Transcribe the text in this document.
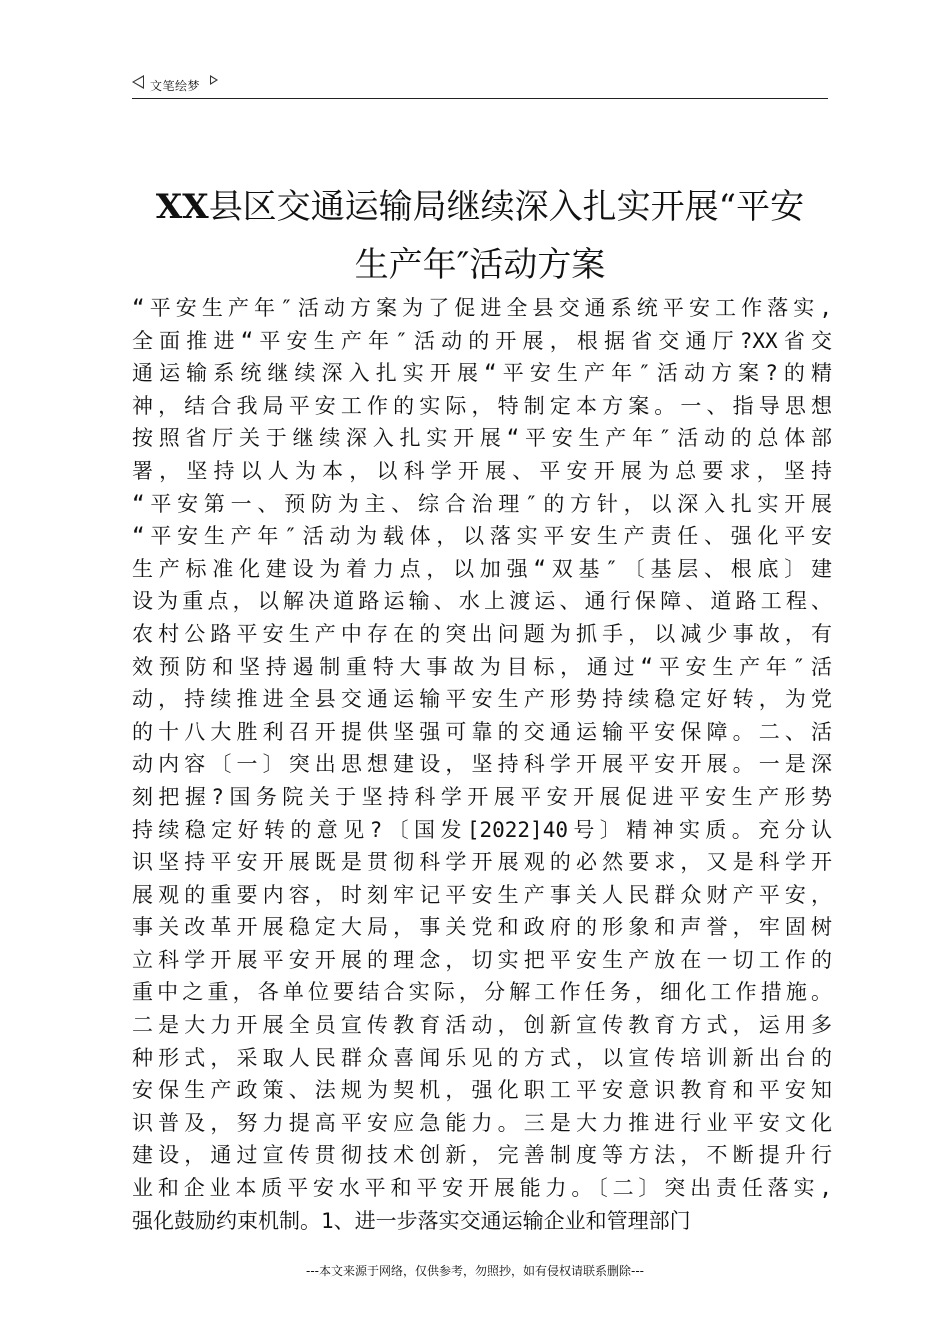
文笔绘梦
XX县区交通运输局继续深入扎实开展“平安
生产年″活动方案
“平安生产年″活动方案为了促进全县交通系统平安工作落实,
全面推进“平安生产年″活动的开展，根据省交通厅?XX省交
通运输系统继续深入扎实开展“平安生产年″活动方案?的精
神，结合我局平安工作的实际，特制定本方案。一、指导思想
按照省厅关于继续深入扎实开展“平安生产年″活动的总体部
署，坚持以人为本，以科学开展、平安开展为总要求，坚持
“平安第一、预防为主、综合治理″的方针，以深入扎实开展
“平安生产年″活动为载体，以落实平安生产责任、强化平安
生产标准化建设为着力点，以加强“双基″〔基层、根底〕建
设为重点，以解决道路运输、水上渡运、通行保障、道路工程、
农村公路平安生产中存在的突出问题为抓手，以减少事故，有
效预防和坚持遏制重特大事故为目标，通过“平安生产年″活
动，持续推进全县交通运输平安生产形势持续稳定好转，为党
的十八大胜利召开提供坚强可靠的交通运输平安保障。二、活
动内容〔一〕突出思想建设，坚持科学开展平安开展。一是深
刻把握?国务院关于坚持科学开展平安开展促进平安生产形势
持续稳定好转的意见?〔国发[2022]40号〕精神实质。充分认
识坚持平安开展既是贯彻科学开展观的必然要求，又是科学开
展观的重要内容，时刻牢记平安生产事关人民群众财产平安，
事关改革开展稳定大局，事关党和政府的形象和声誉，牢固树
立科学开展平安开展的理念，切实把平安生产放在一切工作的
重中之重，各单位要结合实际，分解工作任务，细化工作措施。
二是大力开展全员宣传教育活动，创新宣传教育方式，运用多
种形式，采取人民群众喜闻乐见的方式，以宣传培训新出台的
安保生产政策、法规为契机，强化职工平安意识教育和平安知
识普及，努力提高平安应急能力。三是大力推进行业平安文化
建设，通过宣传贯彻技术创新，完善制度等方法，不断提升行
业和企业本质平安水平和平安开展能力。〔二〕突出责任落实,
强化鼓励约束机制。1、进一步落实交通运输企业和管理部门
---本文来源于网络，仅供参考，勿照抄，如有侵权请联系删除---
